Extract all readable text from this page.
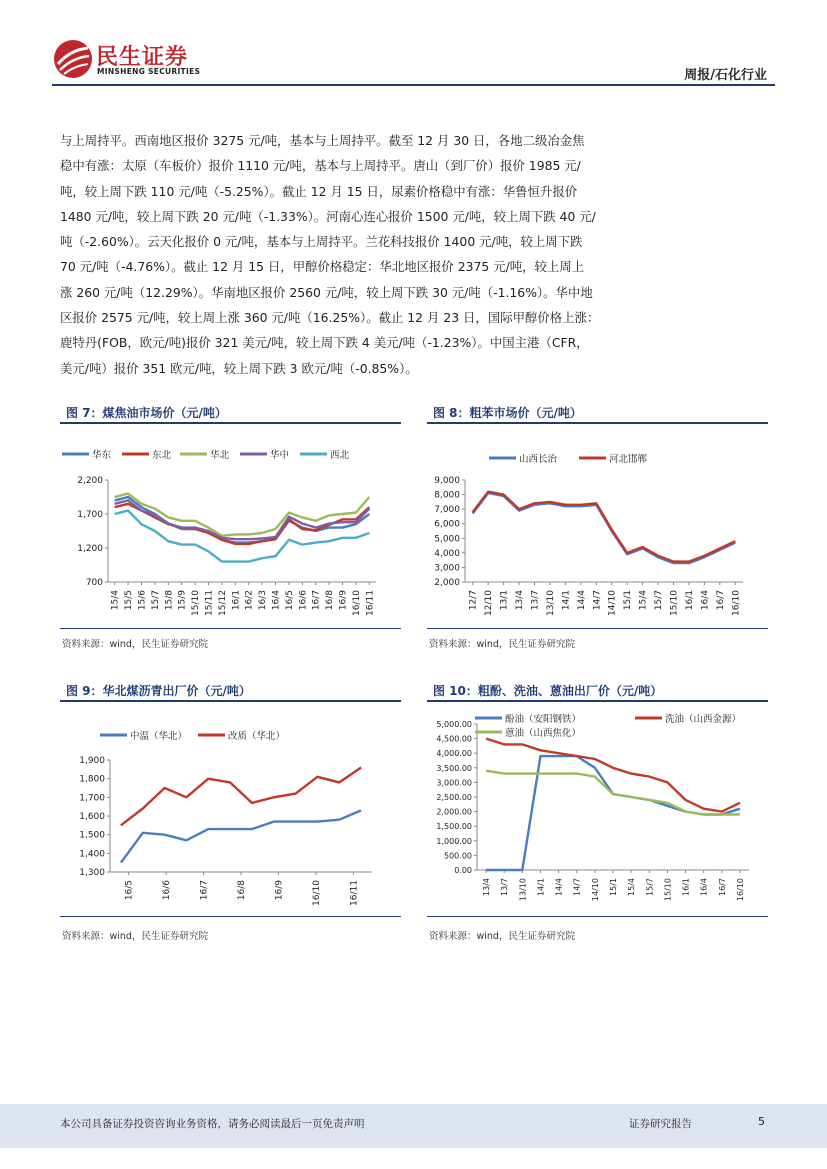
民生证券
MINSHENG SECURITIES	周报/石化行业

与上周持平。西南地区报价 3275 元/吨，基本与上周持平。截至 12 月 30 日，各地二级冶金焦

稳中有涨：太原（车板价）报价 1110 元/吨，基本与上周持平。唐山（到厂价）报价 1985 元/

吨，较上周下跌 110 元/吨（-5.25%）。截止 12 月 15 日，尿素价格稳中有涨：华鲁恒升报价

1480 元/吨，较上周下跌 20 元/吨（-1.33%）。河南心连心报价 1500 元/吨，较上周下跌 40 元/

吨（-2.60%）。云天化报价 0 元/吨，基本与上周持平。兰花科技报价 1400 元/吨，较上周下跌

70 元/吨（-4.76%）。截止 12 月 15 日，甲醇价格稳定：华北地区报价 2375 元/吨，较上周上

涨 260 元/吨（12.29%）。华南地区报价 2560 元/吨，较上周下跌 30 元/吨（-1.16%）。华中地

区报价 2575 元/吨，较上周上涨 360 元/吨（16.25%）。截止 12 月 23 日，国际甲醇价格上涨：

鹿特丹(FOB，欧元/吨)报价 321 美元/吨，较上周下跌 4 美元/吨（-1.23%）。中国主港（CFR，

美元/吨）报价 351 欧元/吨，较上周下跌 3 欧元/吨（-0.85%）。

图 7：煤焦油市场价（元/吨）
700
1,200
1,700
2,200
15/4 15/5 15/6 15/7 15/8 15/9 15/10 15/11 15/12 16/1 16/2 16/3 16/4 16/5 16/6 16/7 16/8 16/9 16/10 16/11
华东	东北	华北	华中	西北
资料来源：wind，民生证券研究院
图 8：粗苯市场价（元/吨）
2,000
3,000
4,000
5,000
6,000
7,000
8,000
9,000
12/7 12/10 13/1 13/4 13/7 13/10 14/1 14/4 14/7 14/10 15/1 15/4 15/7 15/10 16/1 16/4 16/7 16/10
山西长治	河北邯郸
资料来源：wind，民生证券研究院
图 9：华北煤沥青出厂价（元/吨）
1,300
1,400
1,500
1,600
1,700
1,800
1,900
16/5	16/6	16/7	16/8	16/9	16/10	16/11
中温（华北）	改质（华北）
资料来源：wind，民生证券研究院
图 10：粗酚、洗油、蒽油出厂价（元/吨）
0.00
500.00
1,000.00
1,500.00
2,000.00
2,500.00
3,000.00
3,500.00
4,000.00
4,500.00
5,000.00
13/4 13/7 13/10 14/1 14/4 14/7 14/10 15/1 15/4 15/7 15/10 16/1 16/4 16/7 16/10
酚油（安阳钢铁）	洗油（山西金源）
蒽油（山西焦化）
资料来源：wind，民生证券研究院
本公司具备证券投资咨询业务资格，请务必阅读最后一页免责声明	证券研究报告	5
